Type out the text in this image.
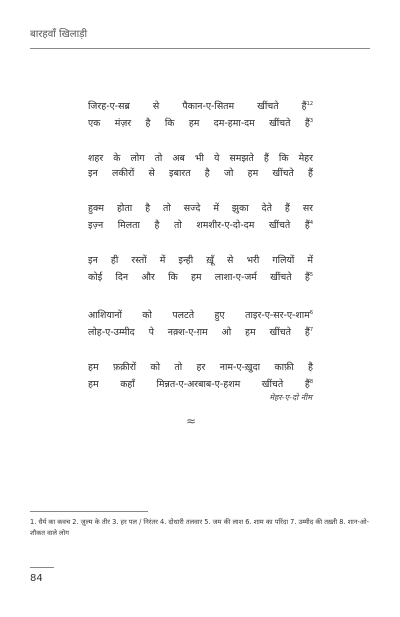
बारहवाँ खिलाड़ी
जिरह-ए-सब्र से पैकान-ए-सितम खींचते हैं$^{12}$
एक मंज़र है कि हम दम-हमा-दम खींचते हैं$^3$
शहर के लोग तो अब भी ये समझते हैं कि मेहर
इन लकीरों से इबारत है जो हम खींचते हैं
हुक्म होता है तो सज्दे में झुका देते हैं सर
इज़्न मिलता है तो शमशीर-ए-दो-दम खींचते हैं$^4$
इन ही रस्तों में इन्ही ख़ूँ से भरी गलियों में
कोई दिन और कि हम लाशा-ए-जर्म खींचते हैं$^5$
आशियानों को पलटते हुए ताइर-ए-सर-ए-शाम$^6$
लोह-ए-उम्मीद पे नक़्श-ए-ग़म ओ हम खींचते हैं$^7$
हम फ़क़ीरों को तो हर नाम-ए-ख़ुदा काफ़ी है
हम कहाँ मिन्नत-ए-अरबाब-ए-हशम खींचते हैं$^8$
मेहर-ए-दो नीम
≈
1. धैर्य का कवच 2. ज़ुल्म के तीर 3. हर पल / निरंतर 4. दोधारी तलवार 5. जम की लाश 6. शाम का परिंदा 7. उम्मीद की तख़्ती 8. शान-ओ-शौकत वाले लोग
84
